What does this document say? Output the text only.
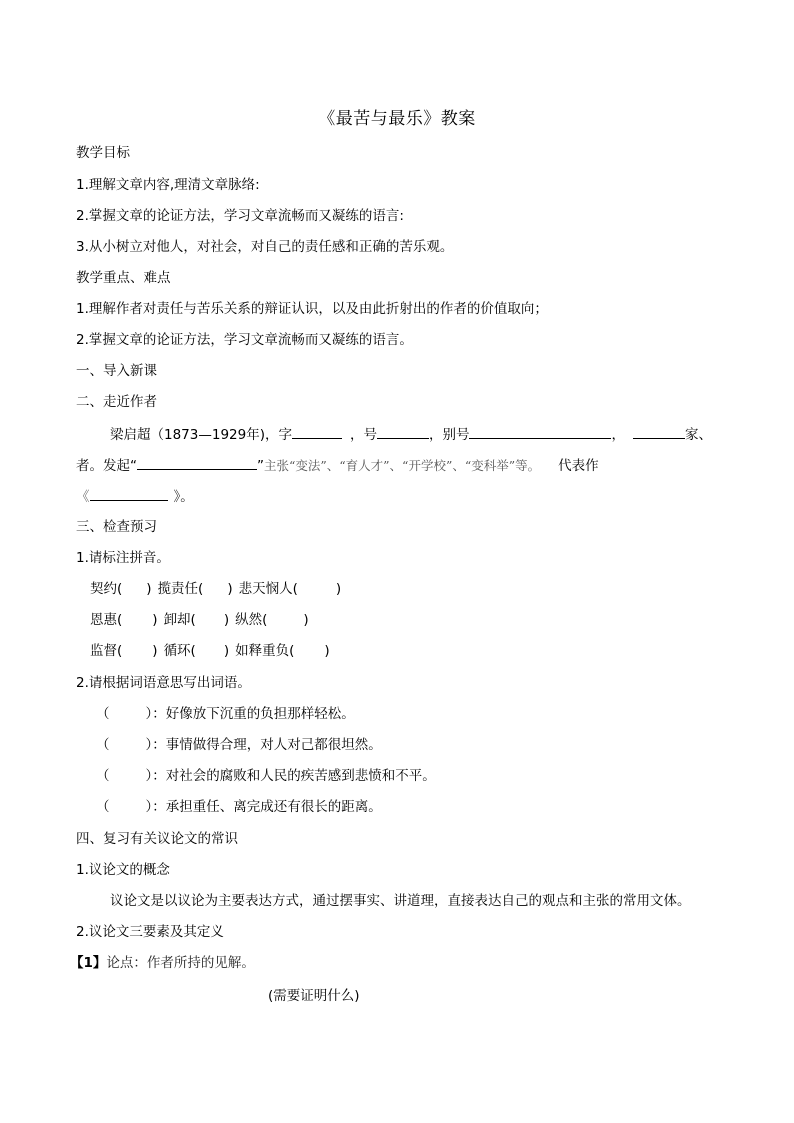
《最苦与最乐》教案
教学目标
1.理解文章内容,理清文章脉络:
2.掌握文章的论证方法，学习文章流畅而又凝练的语言:
3.从小树立对他人，对社会，对自己的责任感和正确的苦乐观。
教学重点、难点
1.理解作者对责任与苦乐关系的辩证认识，以及由此折射出的作者的价值取向；
2.掌握文章的论证方法，学习文章流畅而又凝练的语言。
一、导入新课
二、走近作者
梁启超（1873—1929年)，字	，号	，别号	，	家、
者。发起“	”主张“变法”、“育人才”、“开学校”、“变科举”等。 代表作
《	》。
三、检查预习
1.请标注拼音。
契约( ) 揽责任( ) 悲天悯人(	)
恩惠( ) 卸却( ) 纵然(	)
监督( ) 循环( ) 如释重负( )
2.请根据词语意思写出词语。
（	）：好像放下沉重的负担那样轻松。
（	）：事情做得合理，对人对己都很坦然。
（	）：对社会的腐败和人民的疾苦感到悲愤和不平。
（	）：承担重任、离完成还有很长的距离。
四、复习有关议论文的常识
1.议论文的概念
议论文是以议论为主要表达方式，通过摆事实、讲道理，直接表达自己的观点和主张的常用文体。
2.议论文三要素及其定义
【1】论点：作者所持的见解。
(需要证明什么)
